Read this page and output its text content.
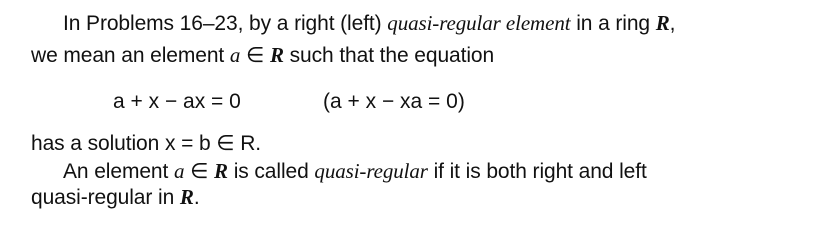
In Problems 16–23, by a right (left) quasi-regular element in a ring R,
we mean an element a ∈ R such that the equation
a + x − ax = 0	(a + x − xa = 0)
has a solution x = b ∈ R.
An element a ∈ R is called quasi-regular if it is both right and left
quasi-regular in R.
